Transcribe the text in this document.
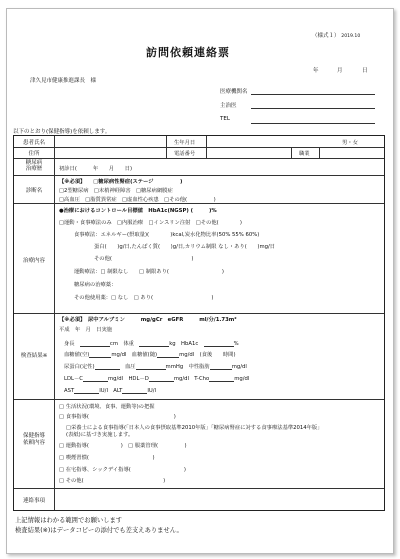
（様式１） 2019.10
訪問依頼連絡票
年	月	日
津久見市健康推進課長　 様
医療機関名
主治医
TEL
以下のとおり(保健指導)を依頼します。
患者氏名	生年月日	男・女
住所	電話番号	職業
糖尿病
治療歴	初診日(　　　	年　　 月　　 日)
診断名
【※必須】　　 □糖尿病性腎症(ステージ　　　　　	)
□2型糖尿病　 □末梢神経障害　 □糖尿病網膜症
□高血圧　 □脂質異常症　 □虚血性心疾患　 □その他(　　　　　)
治療内容
●治療におけるコントロール目標値　 HbA1c(NGSP) (　　　	)%
□運動・食事療法のみ　 □内服治療　 □インスリン注射　 □その他(　　　　)
食事療法：エネルギー(摂取量)(　　　　)kcal,炭水化物比率(50% 55% 60%)
蛋白(　　 )g/日,たんぱく質(　　 )g/日,カリウム制限 なし・あり(　　 )mg/日
その他(　　　　　　　　　　　　　　　)
運動療法：□ 制限なし　　 □ 制限あり(　　　　　　　　　　)
糖尿病の治療薬：
その他使用薬：□ なし　 □ あり(　　　　　　　　　　　)
検査結果※
【※必須】　 尿中アルブミン　　　	mg/gCr　 eGFR　　　	ml/分/1.73m²
平成　 年　 月　 日実施
身長　	cm　 体重　	kg　 HbA1c　	%
血糖値(空)	mg/dl　 血糖値(随)	mg/dl　 (食後　　 時間)
尿蛋白(定性)　	血圧	mmHg　 中性脂肪	mg/dl
LDL－C	mg/dl　 HDL－D	mg/dl　 T-Cho	mg/dl
AST	IU/l　 ALT	IU/l
保健指導
依頼内容
□ 生活状況(環境、食事、運動等)の把握
□ 食事指導(　　　　　　　　　　　　　　　　)
□栄養士による食事指導(「日本人の食事摂取基準2010年版」「糖尿病腎症に対する食事療法基準2014年版」
(表紙)に基づき実施します。
□ 運動指導(　　　　　　)　□ 服薬管理(　　　　　)
□ 喫煙習慣(　　　　　　　　　　　　)
□ 在宅指導、シックデイ指導(　　　　　　　　　　)
□ その他(　　　　　　　　　　　　　　　)
連絡事項
上記情報はわかる範囲でお願いします
検査結果(※)はデータコピーの添付でも差支えありません。
